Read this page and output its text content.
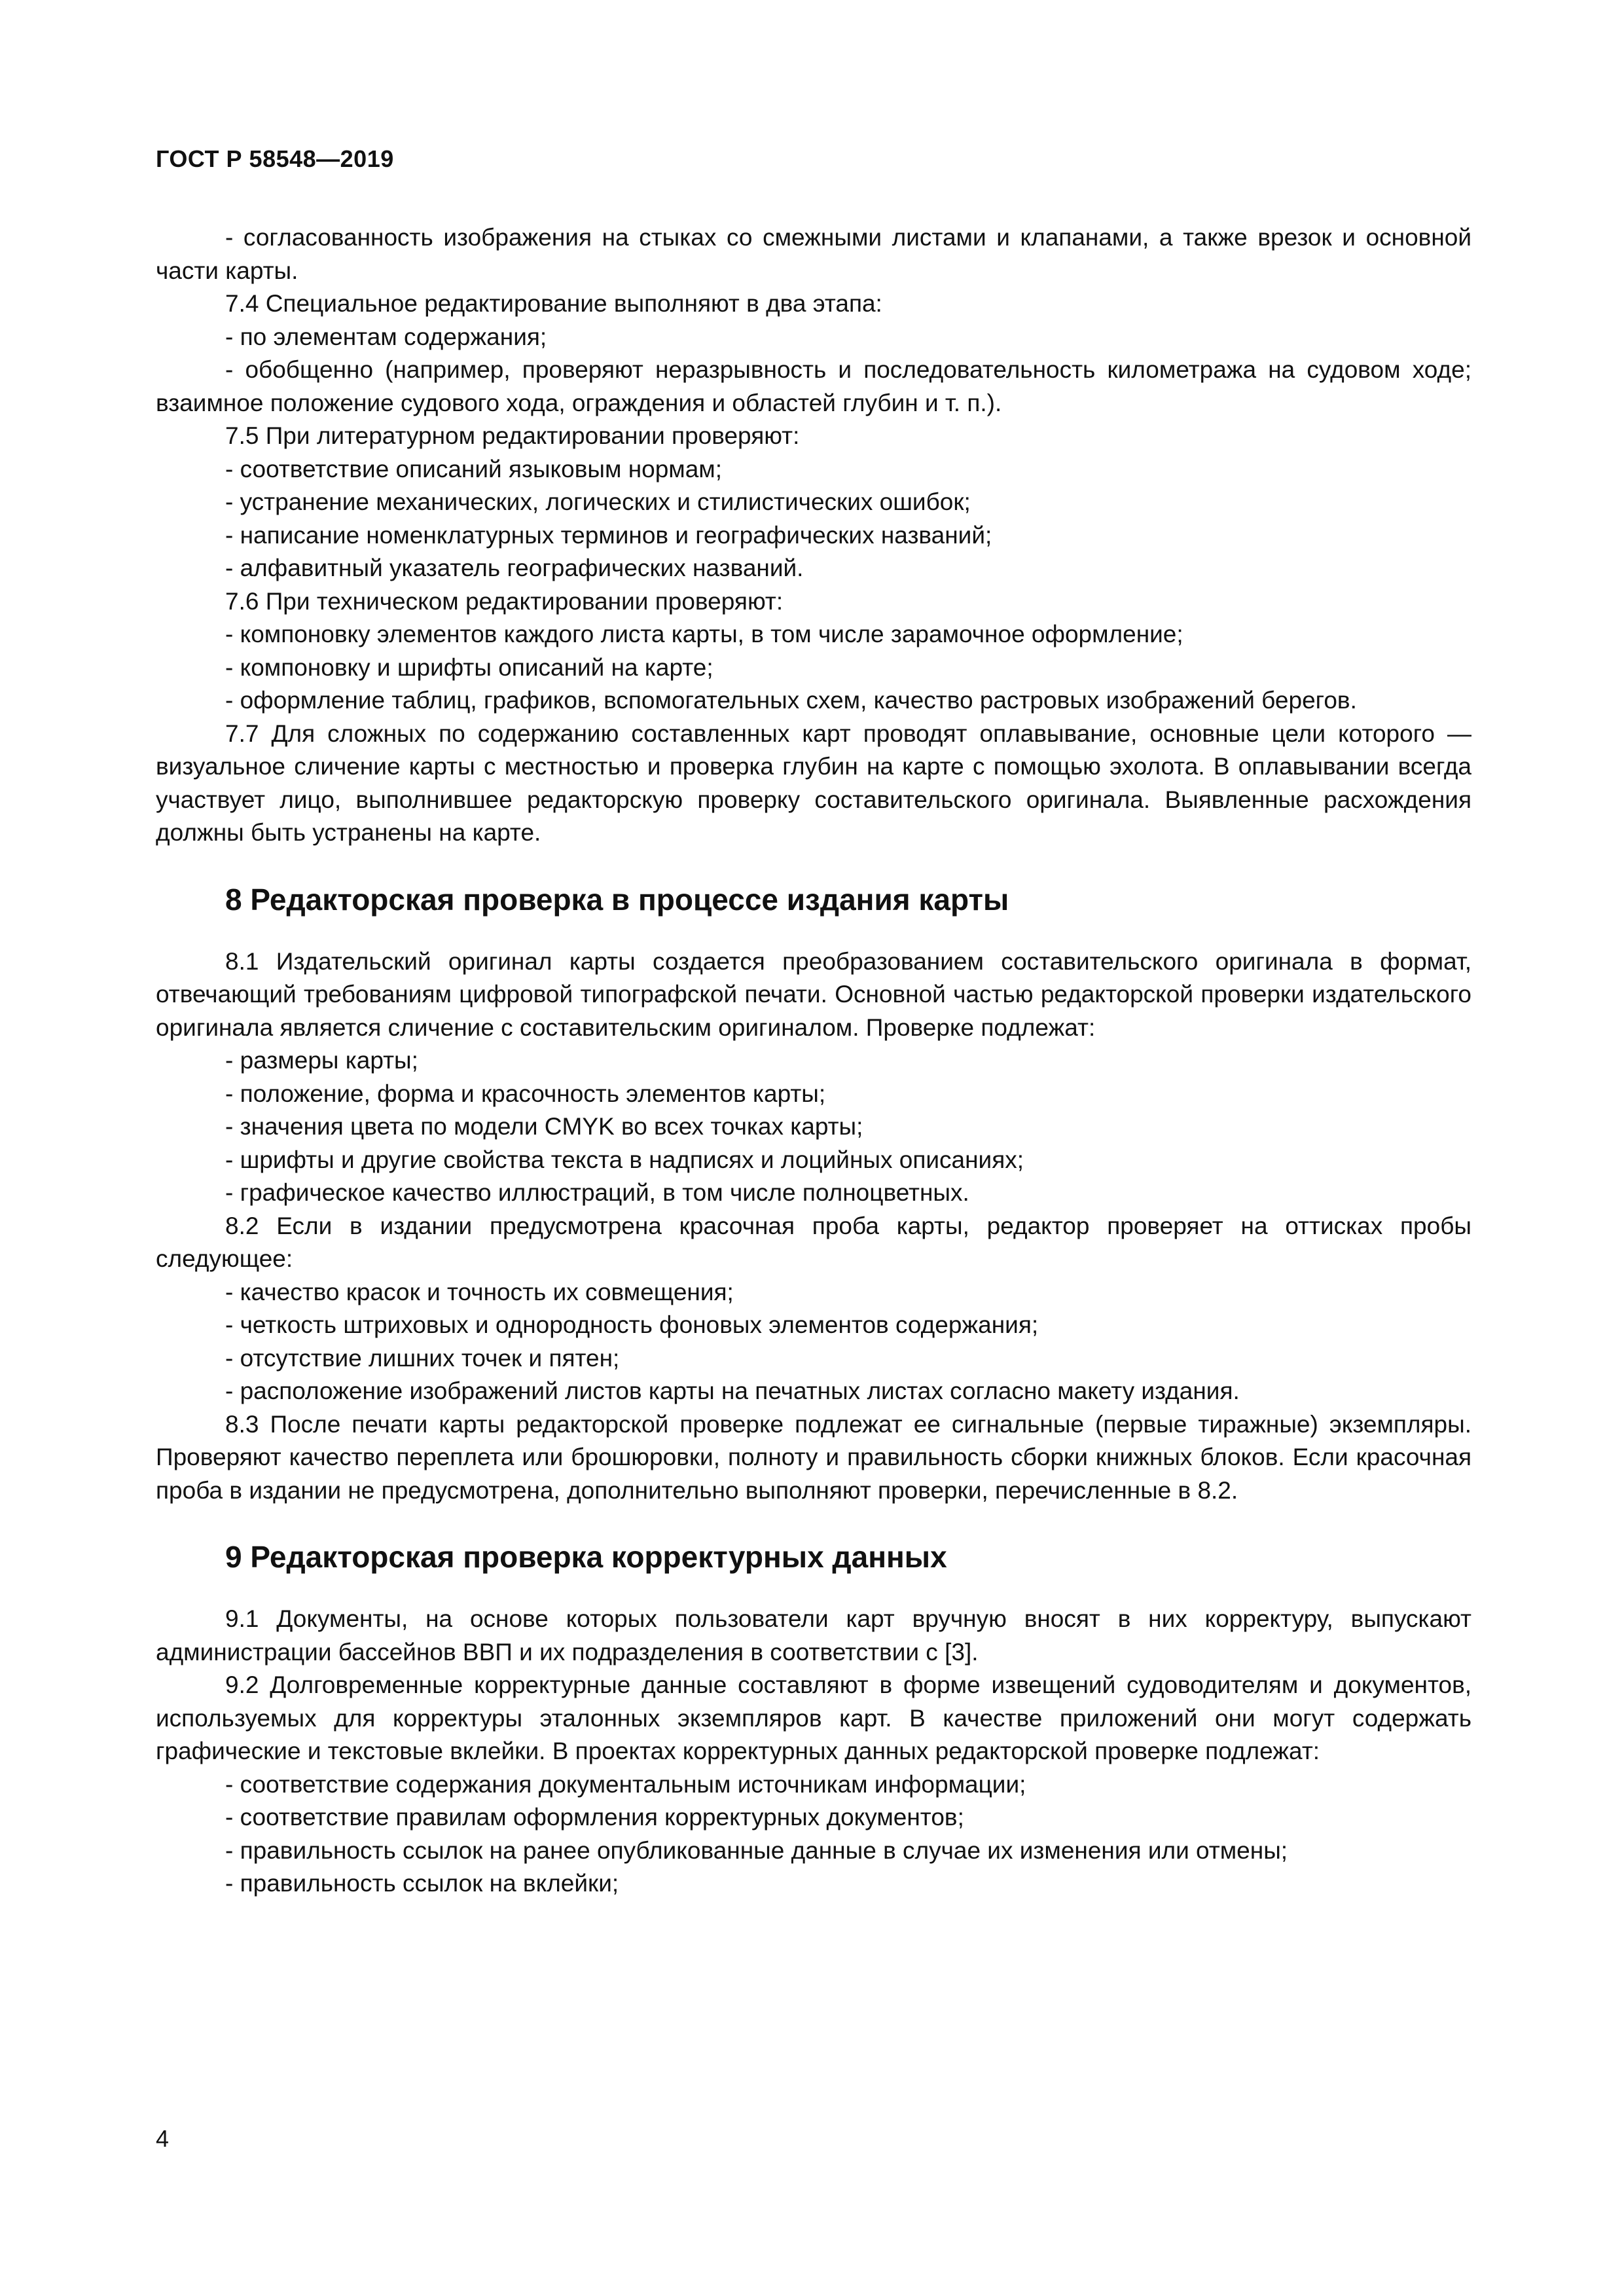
ГОСТ Р 58548—2019

- согласованность изображения на стыках со смежными листами и клапанами, а также врезок и основной части карты.

7.4 Специальное редактирование выполняют в два этапа:

- по элементам содержания;

- обобщенно (например, проверяют неразрывность и последовательность километража на судовом ходе; взаимное положение судового хода, ограждения и областей глубин и т. п.).

7.5 При литературном редактировании проверяют:

- соответствие описаний языковым нормам;

- устранение механических, логических и стилистических ошибок;

- написание номенклатурных терминов и географических названий;

- алфавитный указатель географических названий.

7.6 При техническом редактировании проверяют:

- компоновку элементов каждого листа карты, в том числе зарамочное оформление;

- компоновку и шрифты описаний на карте;

- оформление таблиц, графиков, вспомогательных схем, качество растровых изображений берегов.

7.7 Для сложных по содержанию составленных карт проводят оплавывание, основные цели которого — визуальное сличение карты с местностью и проверка глубин на карте с помощью эхолота. В оплавывании всегда участвует лицо, выполнившее редакторскую проверку составительского оригинала. Выявленные расхождения должны быть устранены на карте.

8 Редакторская проверка в процессе издания карты

8.1 Издательский оригинал карты создается преобразованием составительского оригинала в формат, отвечающий требованиям цифровой типографской печати. Основной частью редакторской проверки издательского оригинала является сличение с составительским оригиналом. Проверке подлежат:

- размеры карты;

- положение, форма и красочность элементов карты;

- значения цвета по модели CMYK во всех точках карты;

- шрифты и другие свойства текста в надписях и лоцийных описаниях;

- графическое качество иллюстраций, в том числе полноцветных.

8.2 Если в издании предусмотрена красочная проба карты, редактор проверяет на оттисках пробы следующее:

- качество красок и точность их совмещения;

- четкость штриховых и однородность фоновых элементов содержания;

- отсутствие лишних точек и пятен;

- расположение изображений листов карты на печатных листах согласно макету издания.

8.3 После печати карты редакторской проверке подлежат ее сигнальные (первые тиражные) экземпляры. Проверяют качество переплета или брошюровки, полноту и правильность сборки книжных блоков. Если красочная проба в издании не предусмотрена, дополнительно выполняют проверки, перечисленные в 8.2.

9 Редакторская проверка корректурных данных

9.1 Документы, на основе которых пользователи карт вручную вносят в них корректуру, выпускают администрации бассейнов ВВП и их подразделения в соответствии с [3].

9.2 Долговременные корректурные данные составляют в форме извещений судоводителям и документов, используемых для корректуры эталонных экземпляров карт. В качестве приложений они могут содержать графические и текстовые вклейки. В проектах корректурных данных редакторской проверке подлежат:

- соответствие содержания документальным источникам информации;

- соответствие правилам оформления корректурных документов;

- правильность ссылок на ранее опубликованные данные в случае их изменения или отмены;

- правильность ссылок на вклейки;

4
